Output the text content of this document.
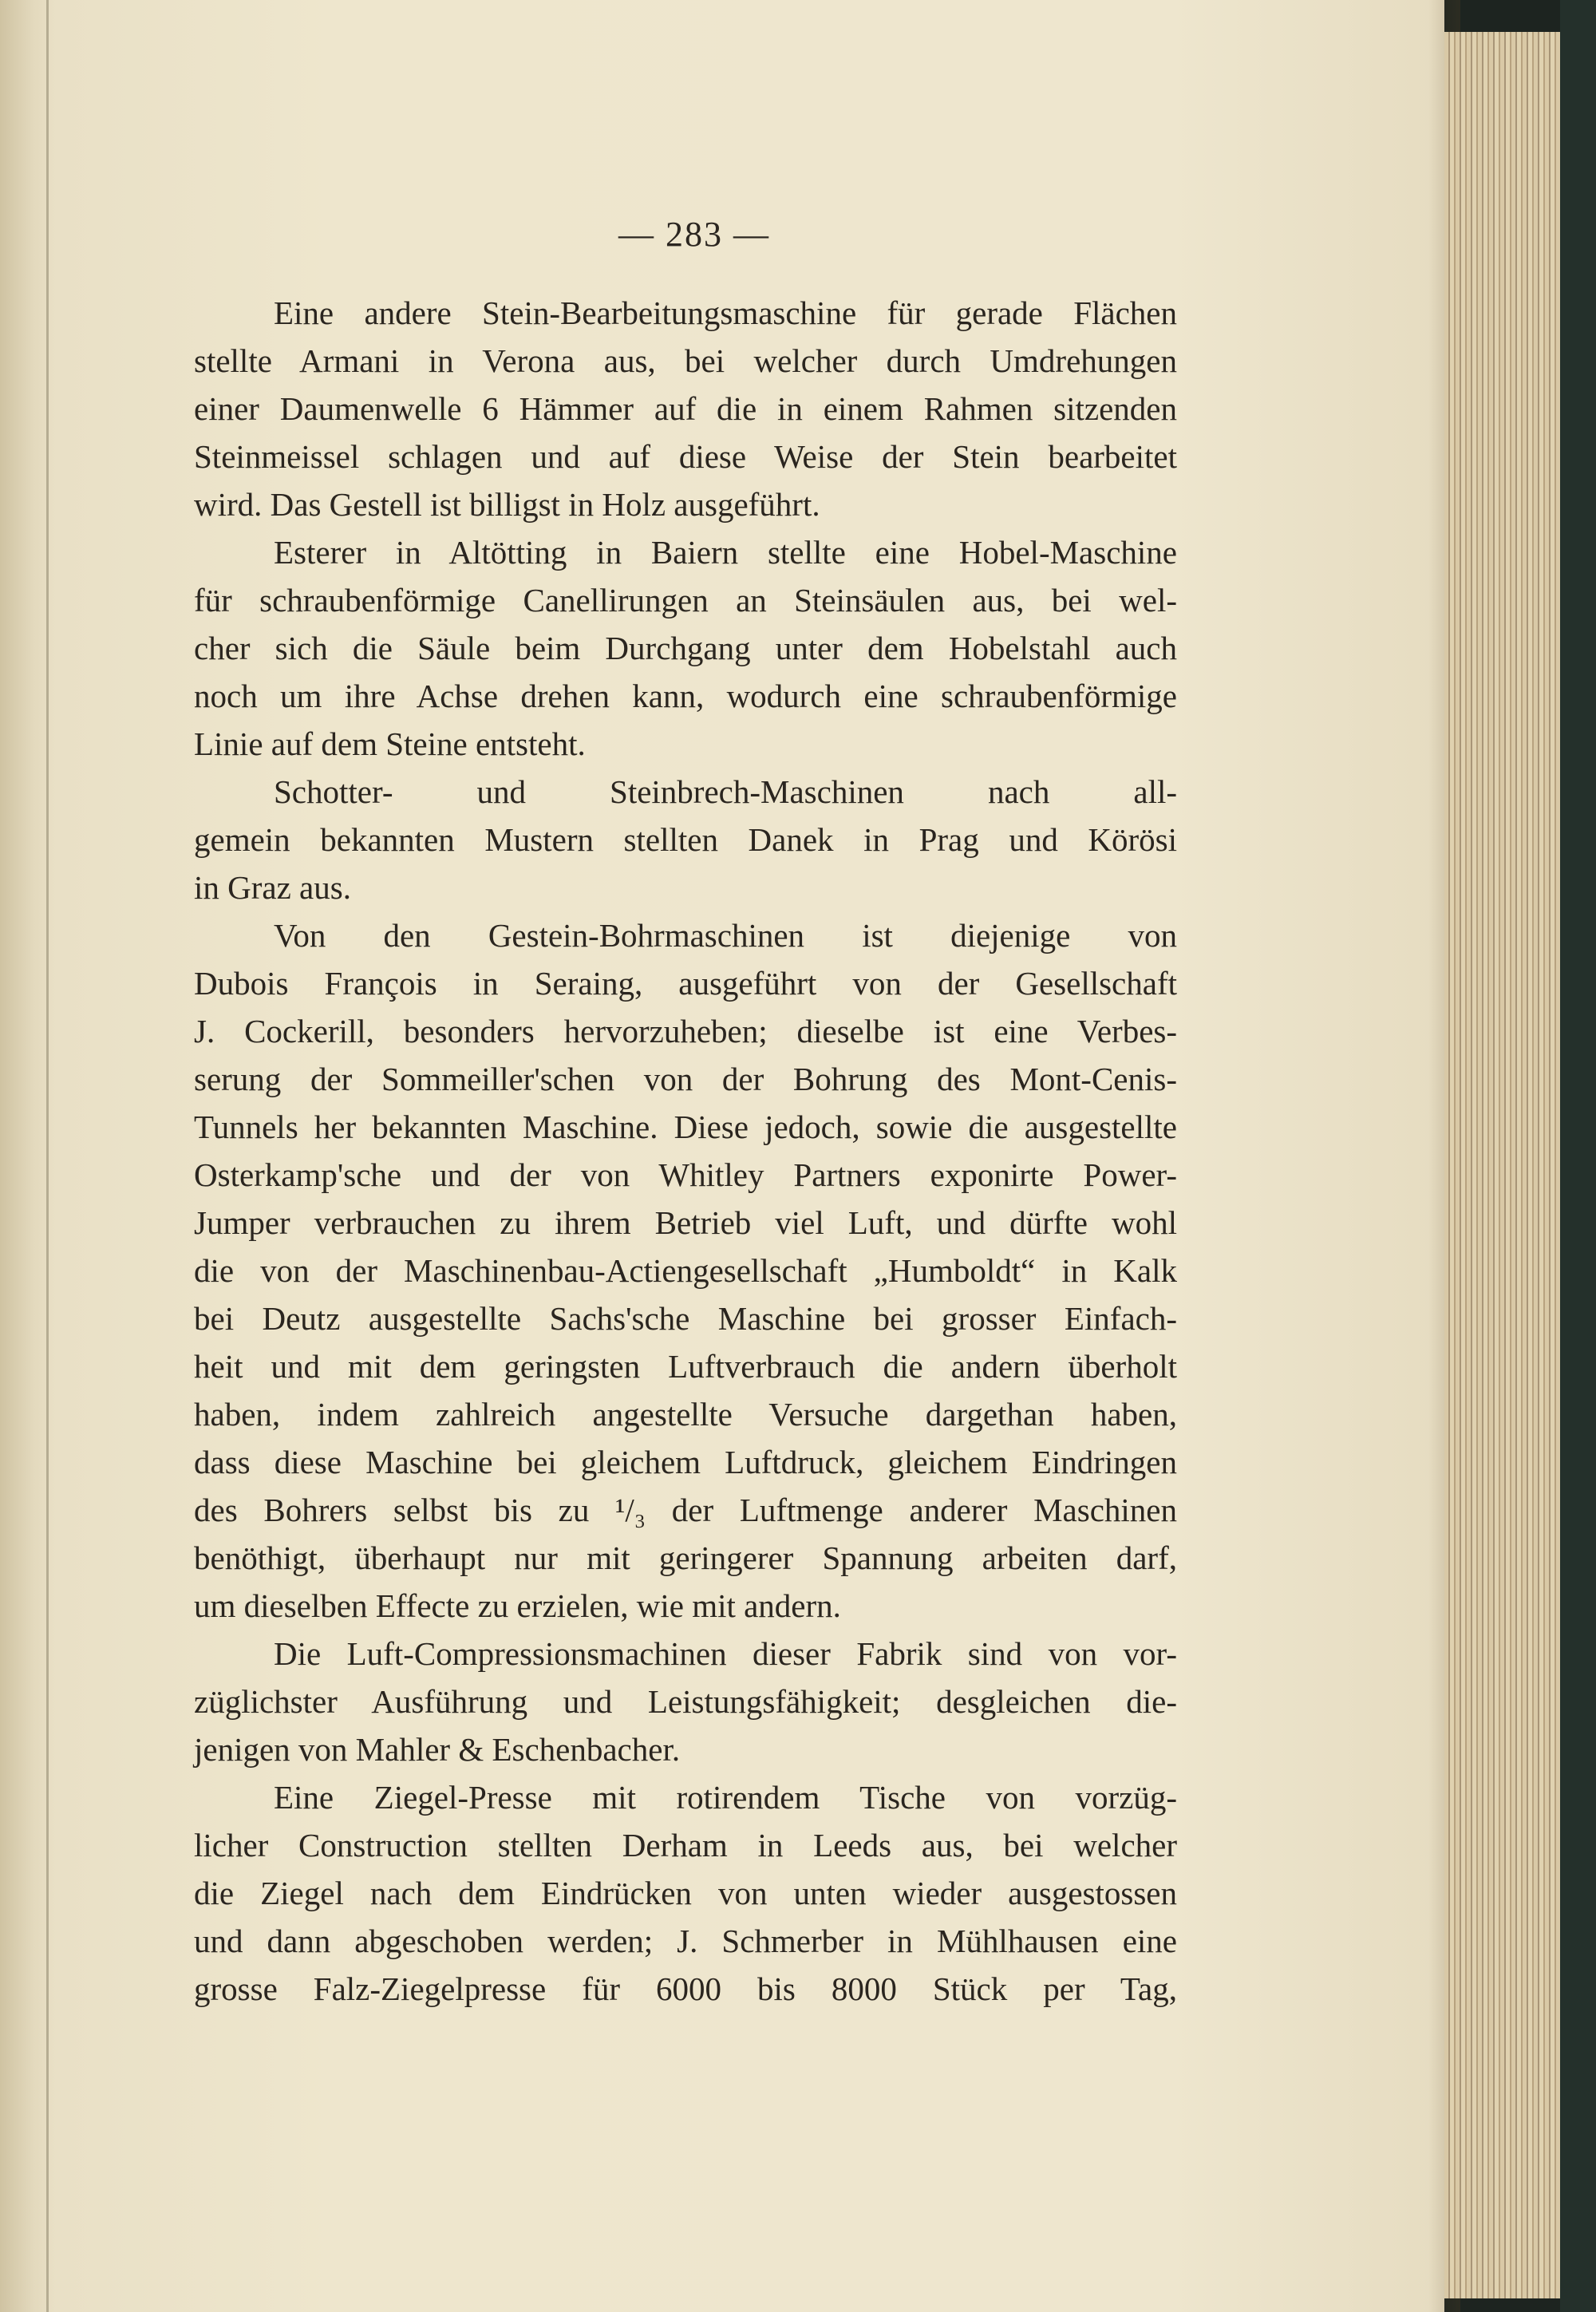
— 283 —
Eine andere Stein-Bearbeitungsmaschine für gerade Flächen
stellte Armani in Verona aus, bei welcher durch Umdrehungen
einer Daumenwelle 6 Hämmer auf die in einem Rahmen sitzenden
Steinmeissel schlagen und auf diese Weise der Stein bearbeitet
wird. Das Gestell ist billigst in Holz ausgeführt.
Esterer in Altötting in Baiern stellte eine Hobel-Maschine
für schraubenförmige Canellirungen an Steinsäulen aus, bei wel-
cher sich die Säule beim Durchgang unter dem Hobelstahl auch
noch um ihre Achse drehen kann, wodurch eine schraubenförmige
Linie auf dem Steine entsteht.
Schotter- und Steinbrech-Maschinen nach all-
gemein bekannten Mustern stellten Danek in Prag und Körösi
in Graz aus.
Von den Gestein-Bohrmaschinen ist diejenige von
Dubois François in Seraing, ausgeführt von der Gesellschaft
J. Cockerill, besonders hervorzuheben; dieselbe ist eine Verbes-
serung der Sommeiller'schen von der Bohrung des Mont-Cenis-
Tunnels her bekannten Maschine. Diese jedoch, sowie die ausgestellte
Osterkamp'sche und der von Whitley Partners exponirte Power-
Jumper verbrauchen zu ihrem Betrieb viel Luft, und dürfte wohl
die von der Maschinenbau-Actiengesellschaft „Humboldt“ in Kalk
bei Deutz ausgestellte Sachs'sche Maschine bei grosser Einfach-
heit und mit dem geringsten Luftverbrauch die andern überholt
haben, indem zahlreich angestellte Versuche dargethan haben,
dass diese Maschine bei gleichem Luftdruck, gleichem Eindringen
des Bohrers selbst bis zu ¹/₃ der Luftmenge anderer Maschinen
benöthigt, überhaupt nur mit geringerer Spannung arbeiten darf,
um dieselben Effecte zu erzielen, wie mit andern.
Die Luft-Compressionsmachinen dieser Fabrik sind von vor-
züglichster Ausführung und Leistungsfähigkeit; desgleichen die-
jenigen von Mahler & Eschenbacher.
Eine Ziegel-Presse mit rotirendem Tische von vorzüg-
licher Construction stellten Derham in Leeds aus, bei welcher
die Ziegel nach dem Eindrücken von unten wieder ausgestossen
und dann abgeschoben werden; J. Schmerber in Mühlhausen eine
grosse Falz-Ziegelpresse für 6000 bis 8000 Stück per Tag,
